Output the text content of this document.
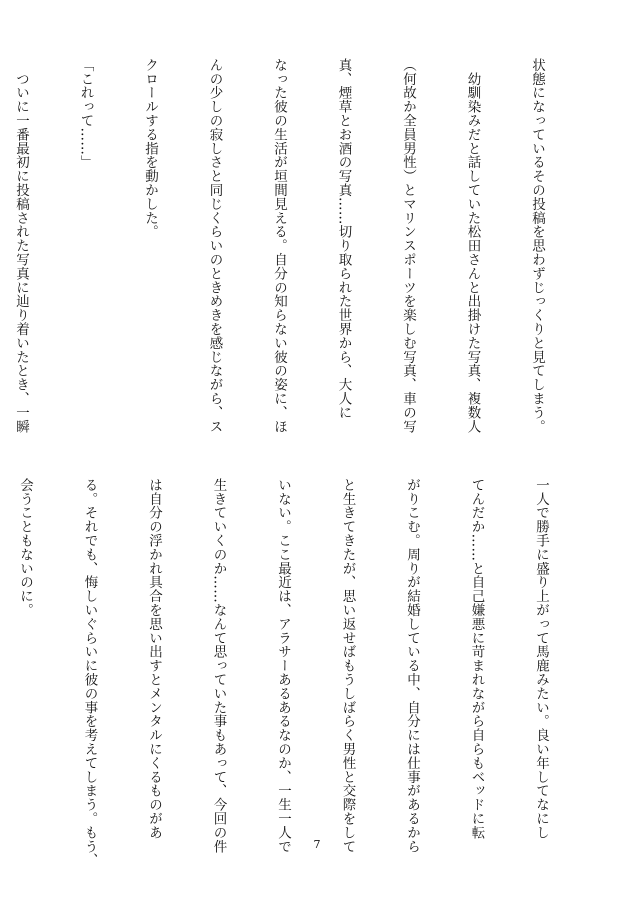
状態になっているその投稿を思わずじっくりと見てしまう。

　幼馴染みだと話していた松田さんと出掛けた写真、複数人

（何故か全員男性）とマリンスポーツを楽しむ写真、車の写

真、煙草とお酒の写真……切り取られた世界から、大人に

なった彼の生活が垣間見える。自分の知らない彼の姿に、ほ

んの少しの寂しさと同じくらいのときめきを感じながら、ス

クロールする指を動かした。

「これって……」

　ついに一番最初に投稿された写真に辿り着いたとき、一瞬

一人で勝手に盛り上がって馬鹿みたい。良い年してなにし

てんだか……と自己嫌悪に苛まれながら自らもベッドに転

がりこむ。周りが結婚している中、自分には仕事があるから

と生きてきたが、思い返せばもうしばらく男性と交際をして

いない。ここ最近は、アラサーあるあるなのか、一生一人で

生きていくのか……なんて思っていた事もあって、今回の件

は自分の浮かれ具合を思い出すとメンタルにくるものがあ

る。それでも、悔しいぐらいに彼の事を考えてしまう。もう、

会うこともないのに。

7
